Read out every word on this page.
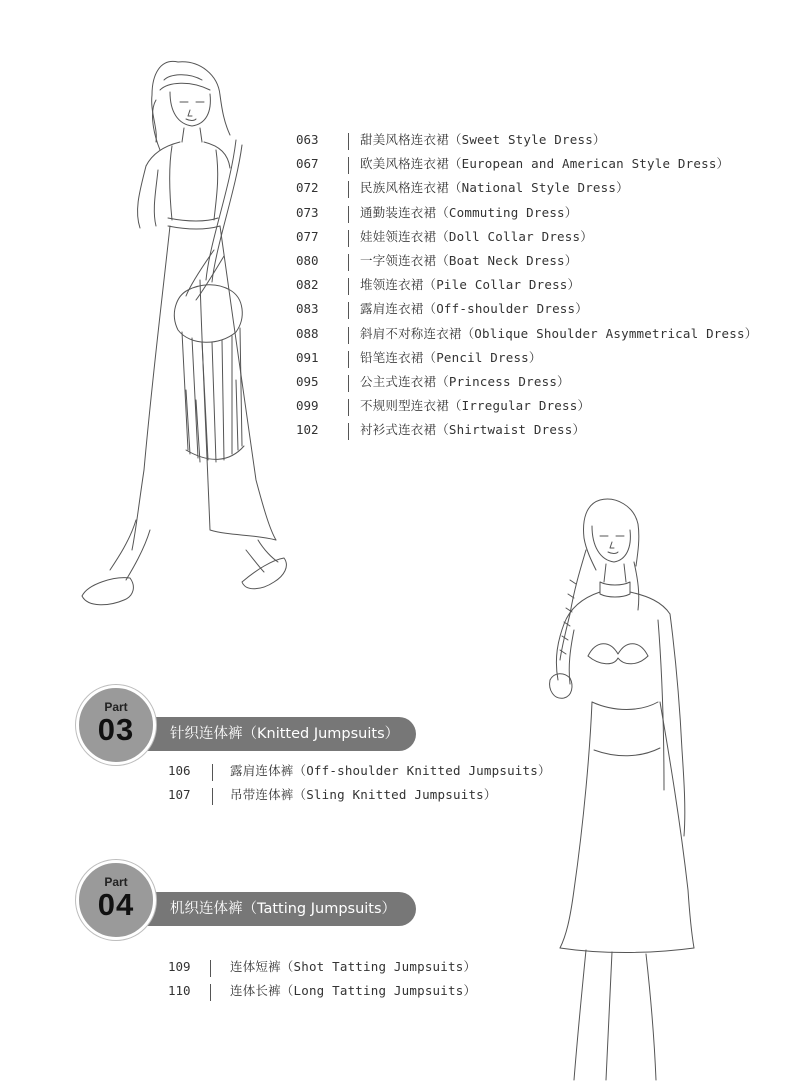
063	甜美风格连衣裙（Sweet Style Dress）
067	欧美风格连衣裙（European and American Style Dress）
072	民族风格连衣裙（National Style Dress）
073	通勤装连衣裙（Commuting Dress）
077	娃娃领连衣裙（Doll Collar Dress）
080	一字领连衣裙（Boat Neck Dress）
082	堆领连衣裙（Pile Collar Dress）
083	露肩连衣裙（Off-shoulder Dress）
088	斜肩不对称连衣裙（Oblique Shoulder Asymmetrical Dress）
091	铅笔连衣裙（Pencil Dress）
095	公主式连衣裙（Princess Dress）
099	不规则型连衣裙（Irregular Dress）
102	衬衫式连衣裙（Shirtwaist Dress）
针织连体裤（Knitted Jumpsuits）
Part
03
106	露肩连体裤（Off-shoulder Knitted Jumpsuits）
107	吊带连体裤（Sling Knitted Jumpsuits）
机织连体裤（Tatting Jumpsuits）
Part
04
109	连体短裤（Shot Tatting Jumpsuits）
110	连体长裤（Long Tatting Jumpsuits）
